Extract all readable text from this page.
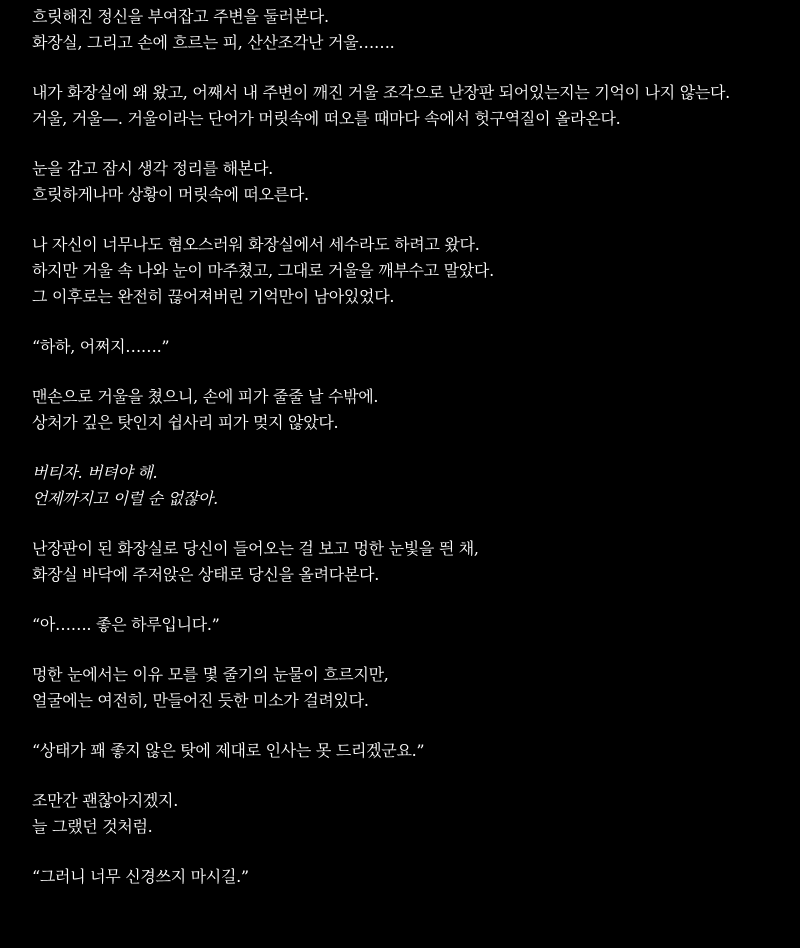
흐릿해진 정신을 부여잡고 주변을 둘러본다.
화장실, 그리고 손에 흐르는 피, 산산조각난 거울…….
내가 화장실에 왜 왔고, 어째서 내 주변이 깨진 거울 조각으로 난장판 되어있는지는 기억이 나지 않는다.
거울, 거울—. 거울이라는 단어가 머릿속에 떠오를 때마다 속에서 헛구역질이 올라온다.
눈을 감고 잠시 생각 정리를 해본다.
흐릿하게나마 상황이 머릿속에 떠오른다.
나 자신이 너무나도 혐오스러워 화장실에서 세수라도 하려고 왔다.
하지만 거울 속 나와 눈이 마주쳤고, 그대로 거울을 깨부수고 말았다.
그 이후로는 완전히 끊어져버린 기억만이 남아있었다.
“하하, 어쩌지…….”
맨손으로 거울을 쳤으니, 손에 피가 줄줄 날 수밖에.
상처가 깊은 탓인지 쉽사리 피가 멎지 않았다.
버티자. 버텨야 해.
언제까지고 이럴 순 없잖아.
난장판이 된 화장실로 당신이 들어오는 걸 보고 멍한 눈빛을 띈 채,
화장실 바닥에 주저앉은 상태로 당신을 올려다본다.
“아……. 좋은 하루입니다.”
멍한 눈에서는 이유 모를 몇 줄기의 눈물이 흐르지만,
얼굴에는 여전히, 만들어진 듯한 미소가 걸려있다.
“상태가 꽤 좋지 않은 탓에 제대로 인사는 못 드리겠군요.”
조만간 괜찮아지겠지.
늘 그랬던 것처럼.
“그러니 너무 신경쓰지 마시길.”
